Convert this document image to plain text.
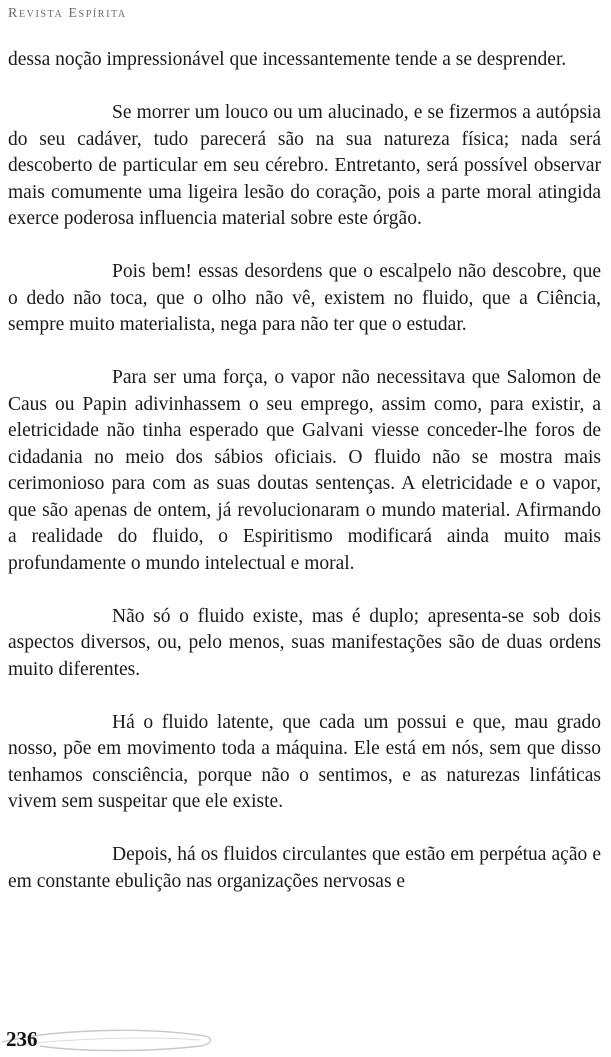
Revista Espírita

dessa noção impressionável que incessantemente tende a se desprender.

Se morrer um louco ou um alucinado, e se fizermos a autópsia do seu cadáver, tudo parecerá são na sua natureza física; nada será descoberto de particular em seu cérebro. Entretanto, será possível observar mais comumente uma ligeira lesão do coração, pois a parte moral atingida exerce poderosa influencia material sobre este órgão.

Pois bem! essas desordens que o escalpelo não descobre, que o dedo não toca, que o olho não vê, existem no fluido, que a Ciência, sempre muito materialista, nega para não ter que o estudar.

Para ser uma força, o vapor não necessitava que Salomon de Caus ou Papin adivinhassem o seu emprego, assim como, para existir, a eletricidade não tinha esperado que Galvani viesse conceder-lhe foros de cidadania no meio dos sábios oficiais. O fluido não se mostra mais cerimonioso para com as suas doutas sentenças. A eletricidade e o vapor, que são apenas de ontem, já revolucionaram o mundo material. Afirmando a realidade do fluido, o Espiritismo modificará ainda muito mais profundamente o mundo intelectual e moral.

Não só o fluido existe, mas é duplo; apresenta-se sob dois aspectos diversos, ou, pelo menos, suas manifestações são de duas ordens muito diferentes.

Há o fluido latente, que cada um possui e que, mau grado nosso, põe em movimento toda a máquina. Ele está em nós, sem que disso tenhamos consciência, porque não o sentimos, e as naturezas linfáticas vivem sem suspeitar que ele existe.

Depois, há os fluidos circulantes que estão em perpétua ação e em constante ebulição nas organizações nervosas e

236
